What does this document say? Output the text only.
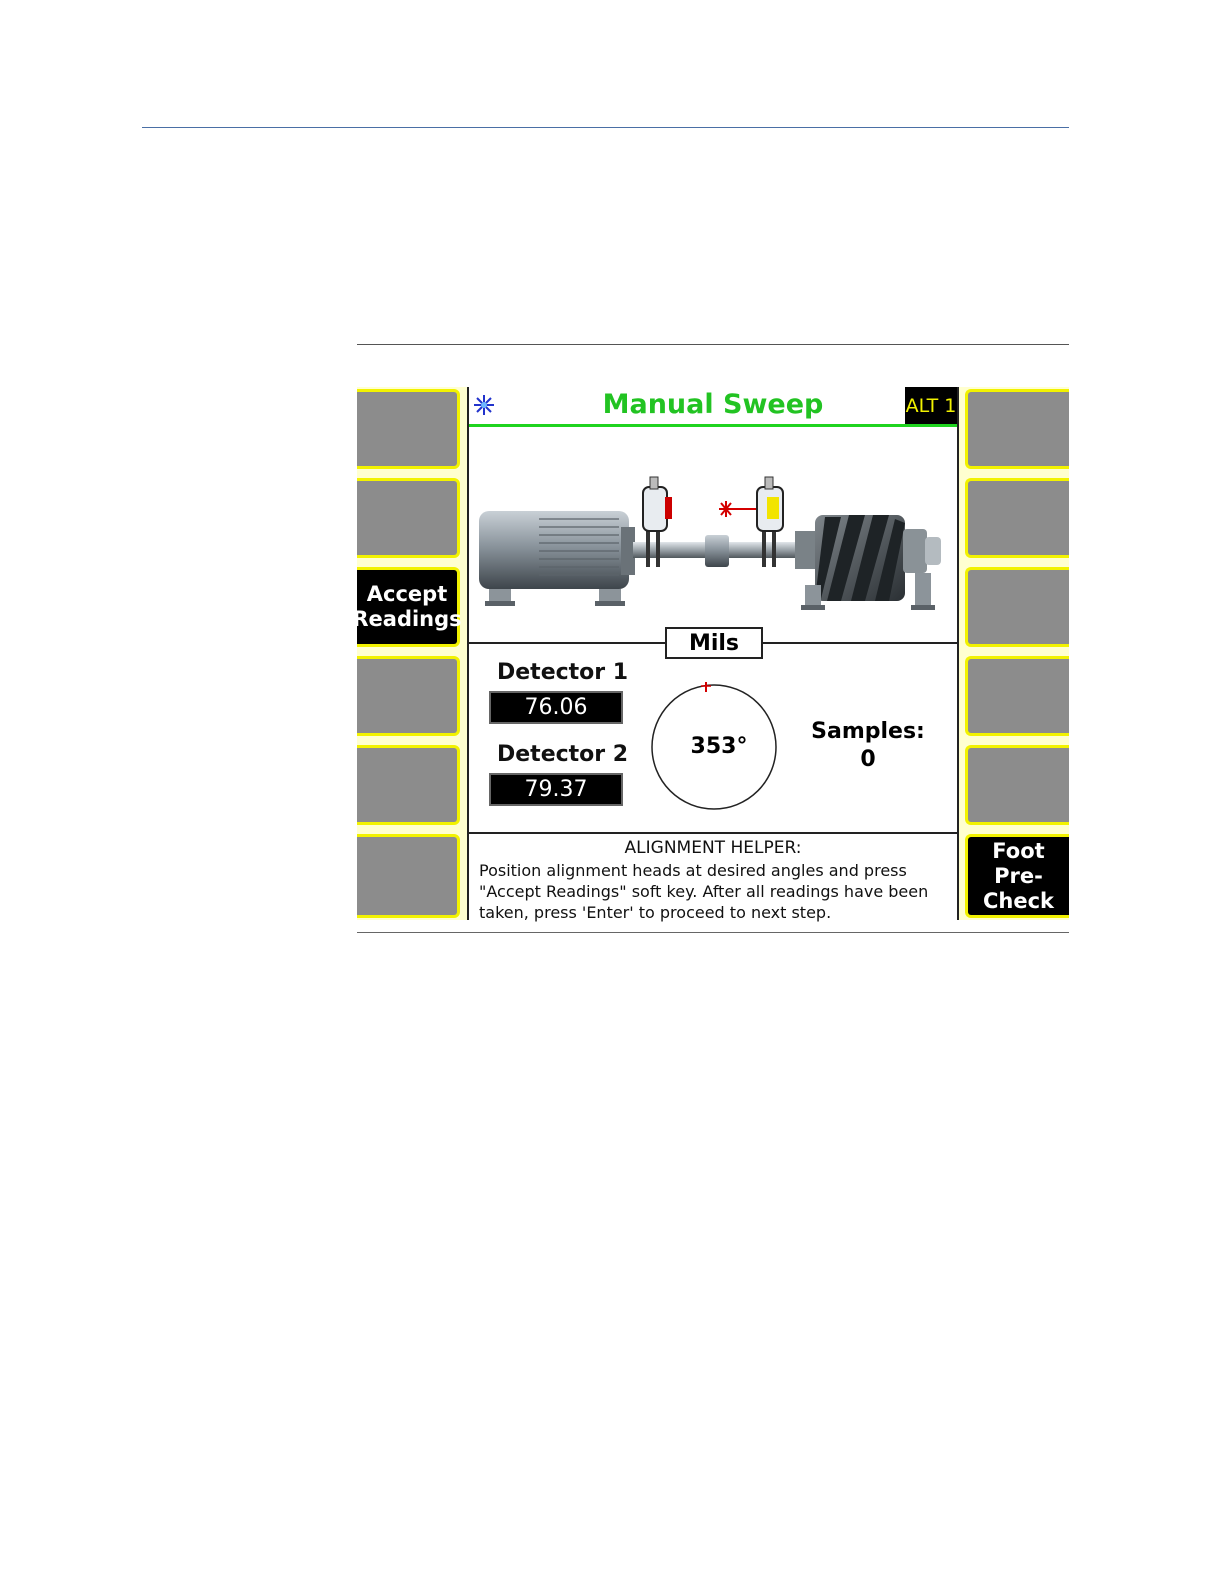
Accept
Readings
Foot
Pre-
Check
Manual Sweep	ALT 1
Mils
Detector 1
76.06
Detector 2
79.37
353°
Samples:
0
ALIGNMENT HELPER:
Position alignment heads at desired angles and press "Accept Readings" soft key. After all readings have been taken, press 'Enter' to proceed to next step.
